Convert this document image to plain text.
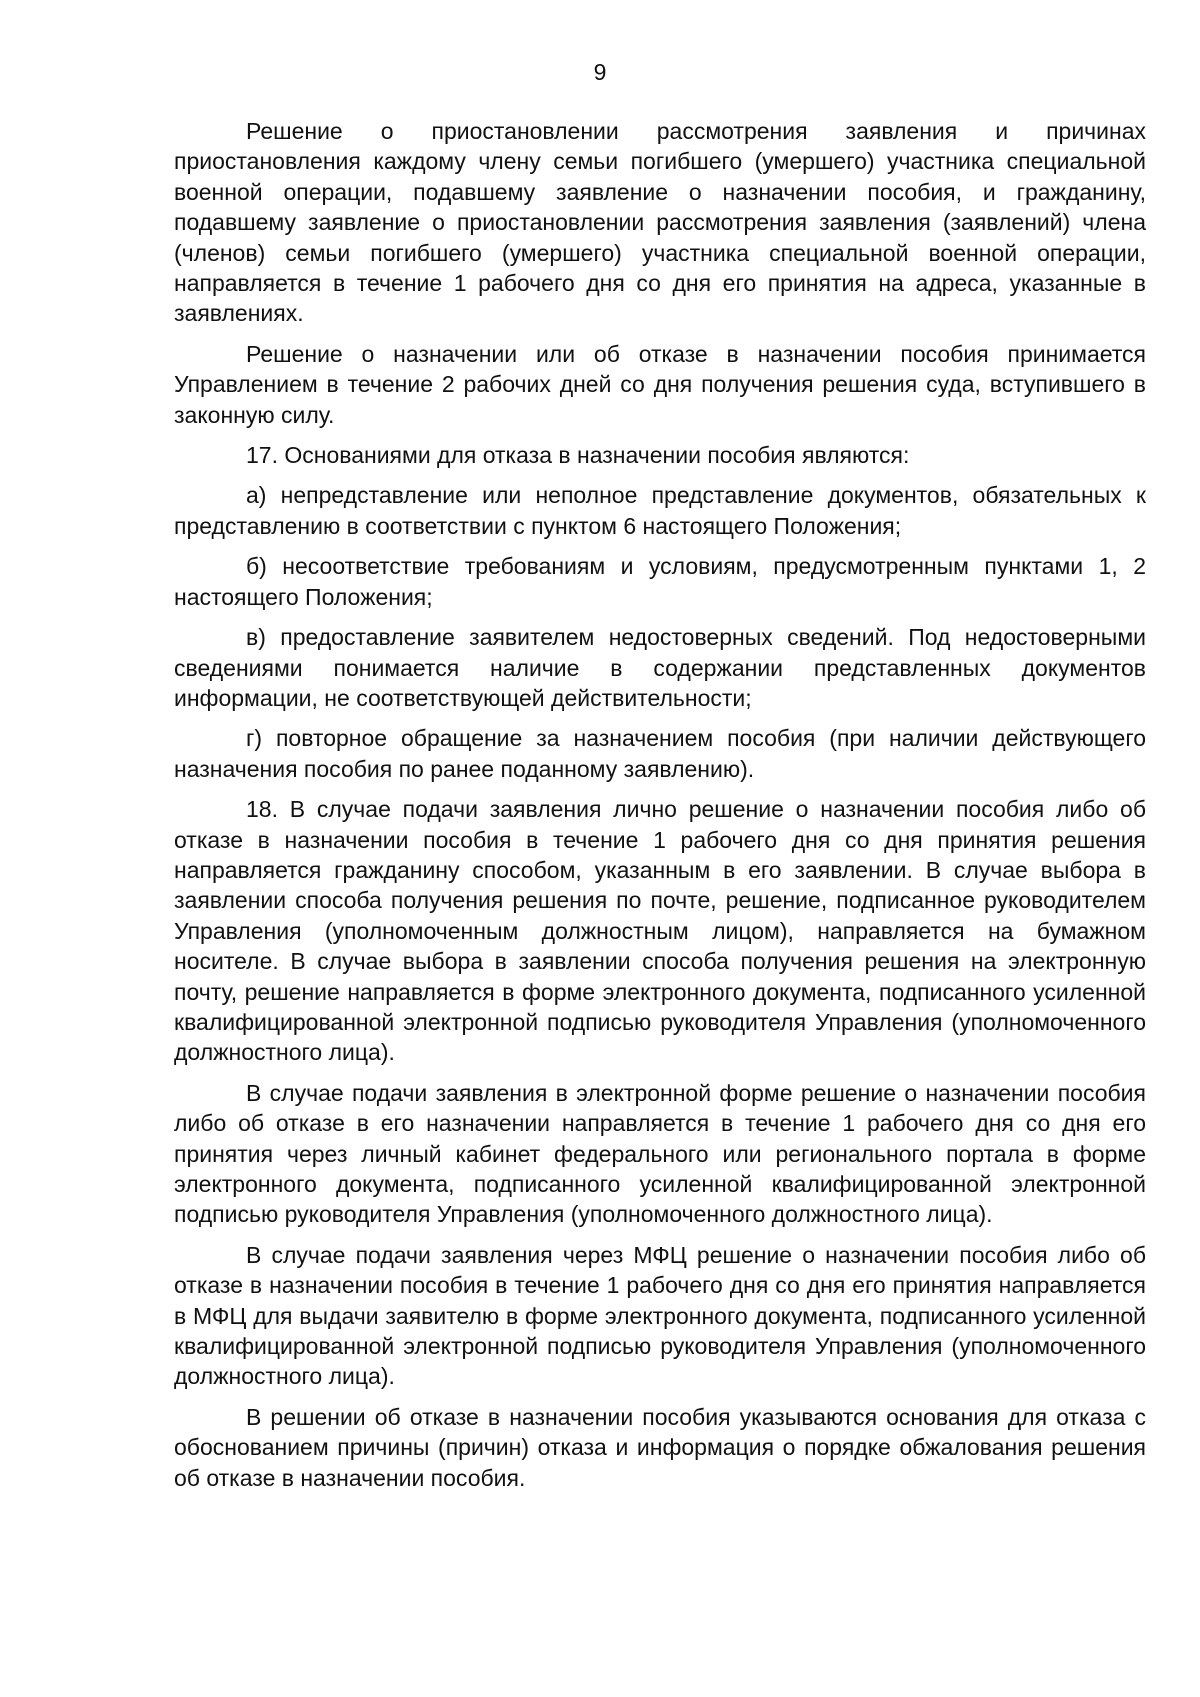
9

Решение о приостановлении рассмотрения заявления и причинах приостановления каждому члену семьи погибшего (умершего) участника специальной военной операции, подавшему заявление о назначении пособия, и гражданину, подавшему заявление о приостановлении рассмотрения заявления (заявлений) члена (членов) семьи погибшего (умершего) участника специальной военной операции, направляется в течение 1 рабочего дня со дня его принятия на адреса, указанные в заявлениях.

Решение о назначении или об отказе в назначении пособия принимается Управлением в течение 2 рабочих дней со дня получения решения суда, вступившего в законную силу.

17. Основаниями для отказа в назначении пособия являются:

а) непредставление или неполное представление документов, обязательных к представлению в соответствии с пунктом 6 настоящего Положения;

б) несоответствие требованиям и условиям, предусмотренным пунктами 1, 2 настоящего Положения;

в) предоставление заявителем недостоверных сведений. Под недостоверными сведениями понимается наличие в содержании представленных документов информации, не соответствующей действительности;

г) повторное обращение за назначением пособия (при наличии действующего назначения пособия по ранее поданному заявлению).

18. В случае подачи заявления лично решение о назначении пособия либо об отказе в назначении пособия в течение 1 рабочего дня со дня принятия решения направляется гражданину способом, указанным в его заявлении. В случае выбора в заявлении способа получения решения по почте, решение, подписанное руководителем Управления (уполномоченным должностным лицом), направляется на бумажном носителе. В случае выбора в заявлении способа получения решения на электронную почту, решение направляется в форме электронного документа, подписанного усиленной квалифицированной электронной подписью руководителя Управления (уполномоченного должностного лица).

В случае подачи заявления в электронной форме решение о назначении пособия либо об отказе в его назначении направляется в течение 1 рабочего дня со дня его принятия через личный кабинет федерального или регионального портала в форме электронного документа, подписанного усиленной квалифицированной электронной подписью руководителя Управления (уполномоченного должностного лица).

В случае подачи заявления через МФЦ решение о назначении пособия либо об отказе в назначении пособия в течение 1 рабочего дня со дня его принятия направляется в МФЦ для выдачи заявителю в форме электронного документа, подписанного усиленной квалифицированной электронной подписью руководителя Управления (уполномоченного должностного лица).

В решении об отказе в назначении пособия указываются основания для отказа с обоснованием причины (причин) отказа и информация о порядке обжалования решения об отказе в назначении пособия.
